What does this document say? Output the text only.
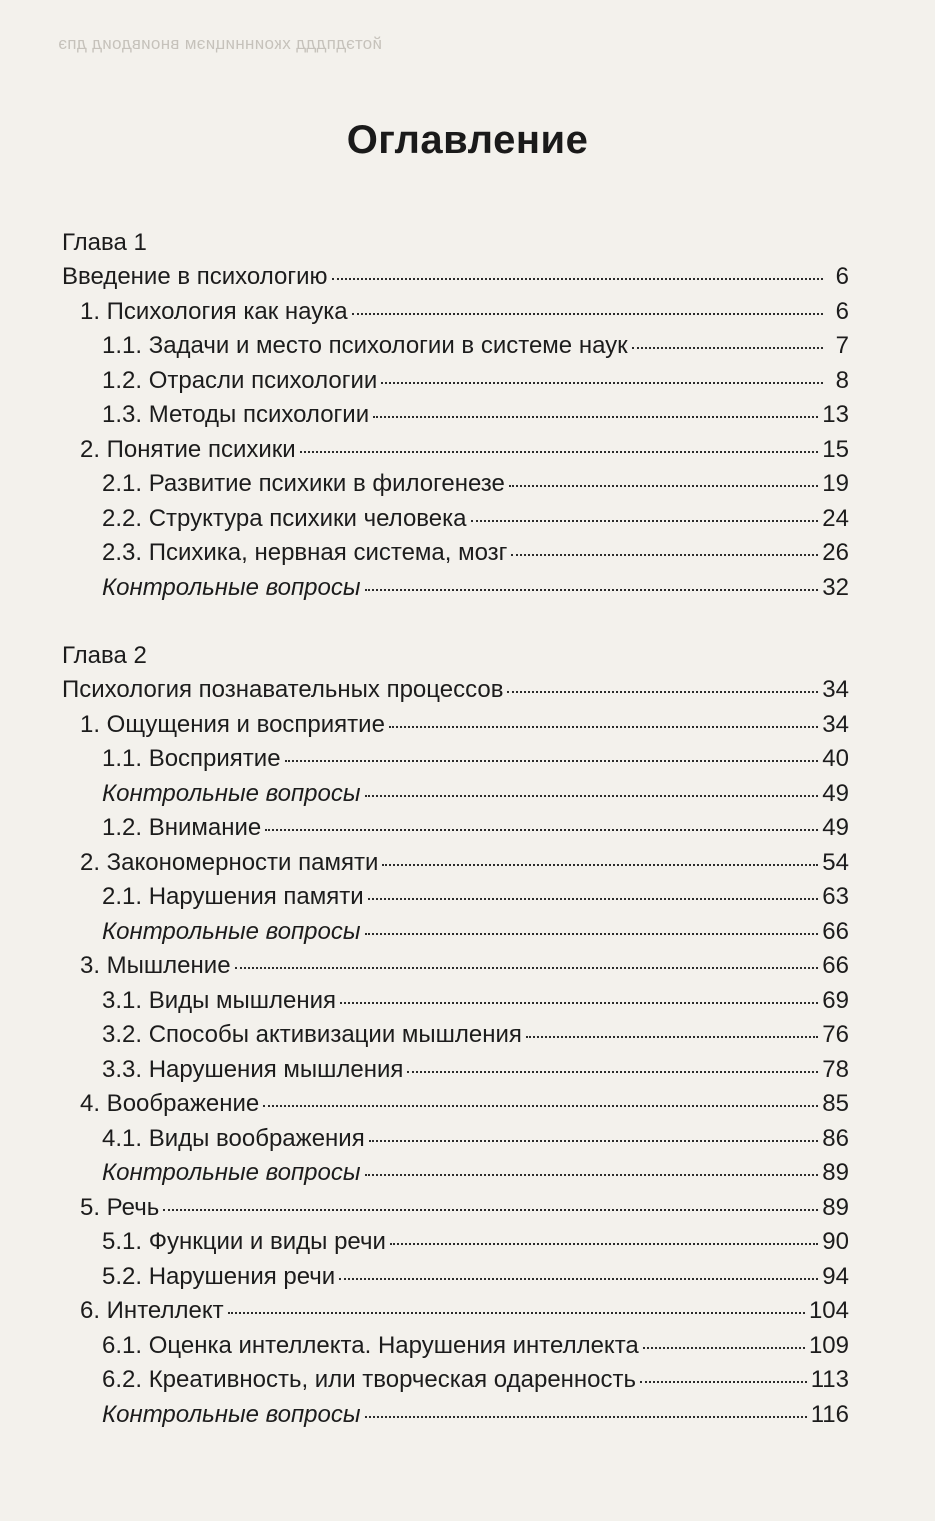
йотэдпддд хкоиннициэм вноивдоид дпэ
Оглавление
Глава 1
Введение в психологию	6
1. Психология как наука	6
1.1. Задачи и место психологии в системе наук	7
1.2. Отрасли психологии	8
1.3. Методы психологии	13
2. Понятие психики	15
2.1. Развитие психики в филогенезе	19
2.2. Структура психики человека	24
2.3. Психика, нервная система, мозг	26
Контрольные вопросы	32
Глава 2
Психология познавательных процессов	34
1. Ощущения и восприятие	34
1.1. Восприятие	40
Контрольные вопросы	49
1.2. Внимание	49
2. Закономерности памяти	54
2.1. Нарушения памяти	63
Контрольные вопросы	66
3. Мышление	66
3.1. Виды мышления	69
3.2. Способы активизации мышления	76
3.3. Нарушения мышления	78
4. Воображение	85
4.1. Виды воображения	86
Контрольные вопросы	89
5. Речь	89
5.1. Функции и виды речи	90
5.2. Нарушения речи	94
6. Интеллект	104
6.1. Оценка интеллекта. Нарушения интеллекта	109
6.2. Креативность, или творческая одаренность	113
Контрольные вопросы	116
